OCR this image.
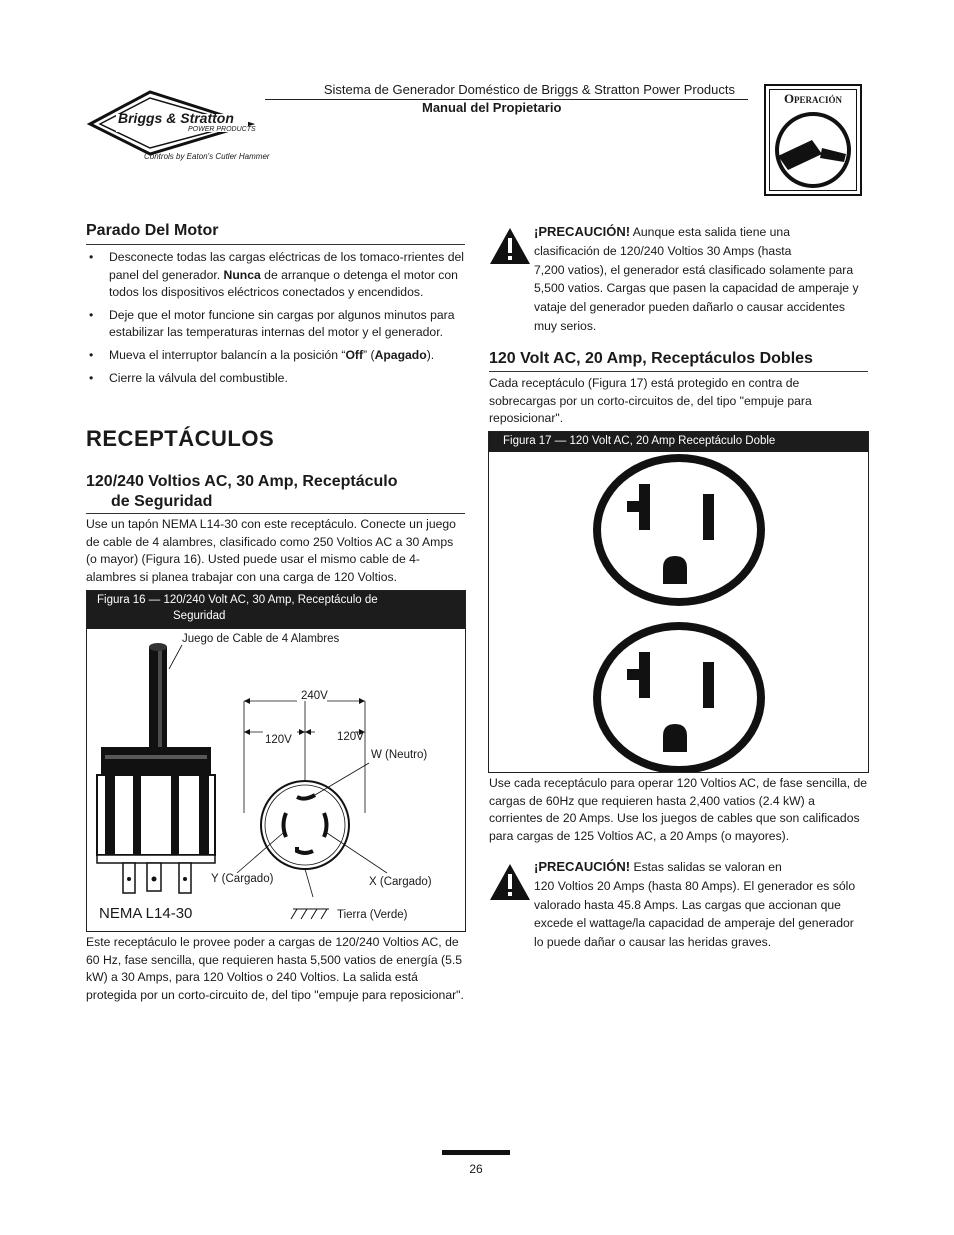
Briggs & Stratton
POWER PRODUCTS
Controls by Eaton's Cutler Hammer
Sistema de Generador Doméstico de Briggs & Stratton Power Products
Manual del Propietario
Operación
Parado Del Motor
• Desconecte todas las cargas eléctricas de los tomaco-rrientes del panel del generador. Nunca de arranque o detenga el motor con todos los dispositivos eléctricos conectados y encendidos.
• Deje que el motor funcione sin cargas por algunos minutos para estabilizar las temperaturas internas del motor y el generador.
• Mueva el interruptor balancín a la posición “Off” (Apagado).
• Cierre la válvula del combustible.
RECEPTÁCULOS
120/240 Voltios AC, 30 Amp, Receptáculo
de Seguridad
Use un tapón NEMA L14-30 con este receptáculo. Conecte un juego de cable de 4 alambres, clasificado como 250 Voltios AC a 30 Amps (o mayor) (Figura 16). Usted puede usar el mismo cable de 4-alambres si planea trabajar con una carga de 120 Voltios.
Figura 16 — 120/240 Volt AC, 30 Amp, Receptáculo de
Seguridad
Juego de Cable de 4 Alambres
240V
120V	120V
W (Neutro)
Y (Cargado)	X (Cargado)
Tierra (Verde)
NEMA L14-30
Este receptáculo le provee poder a cargas de 120/240 Voltios AC, de 60 Hz, fase sencilla, que requieren hasta 5,500 vatios de energía (5.5 kW) a 30 Amps, para 120 Voltios o 240 Voltios. La salida está protegida por un corto-circuito de, del tipo "empuje para reposicionar".
¡PRECAUCIÓN! Aunque esta salida tiene una
clasificación de 120/240 Voltios 30 Amps (hasta
7,200 vatios), el generador está clasificado solamente para
5,500 vatios. Cargas que pasen la capacidad de amperaje y
vataje del generador pueden dañarlo o causar accidentes
muy serios.
120 Volt AC, 20 Amp, Receptáculos Dobles
Cada receptáculo (Figura 17) está protegido en contra de sobrecargas por un corto-circuitos de, del tipo "empuje para reposicionar".
Figura 17 — 120 Volt AC, 20 Amp Receptáculo Doble
Use cada receptáculo para operar 120 Voltios AC, de fase sencilla, de cargas de 60Hz que requieren hasta 2,400 vatios (2.4 kW) a corrientes de 20 Amps. Use los juegos de cables que son calificados para cargas de 125 Voltios AC, a 20 Amps (o mayores).
¡PRECAUCIÓN! Estas salidas se valoran en
120 Voltios 20 Amps (hasta 80 Amps). El generador es sólo
valorado hasta 45.8 Amps. Las cargas que accionan que
excede el wattage/la capacidad de amperaje del generador
lo puede dañar o causar las heridas graves.
26
